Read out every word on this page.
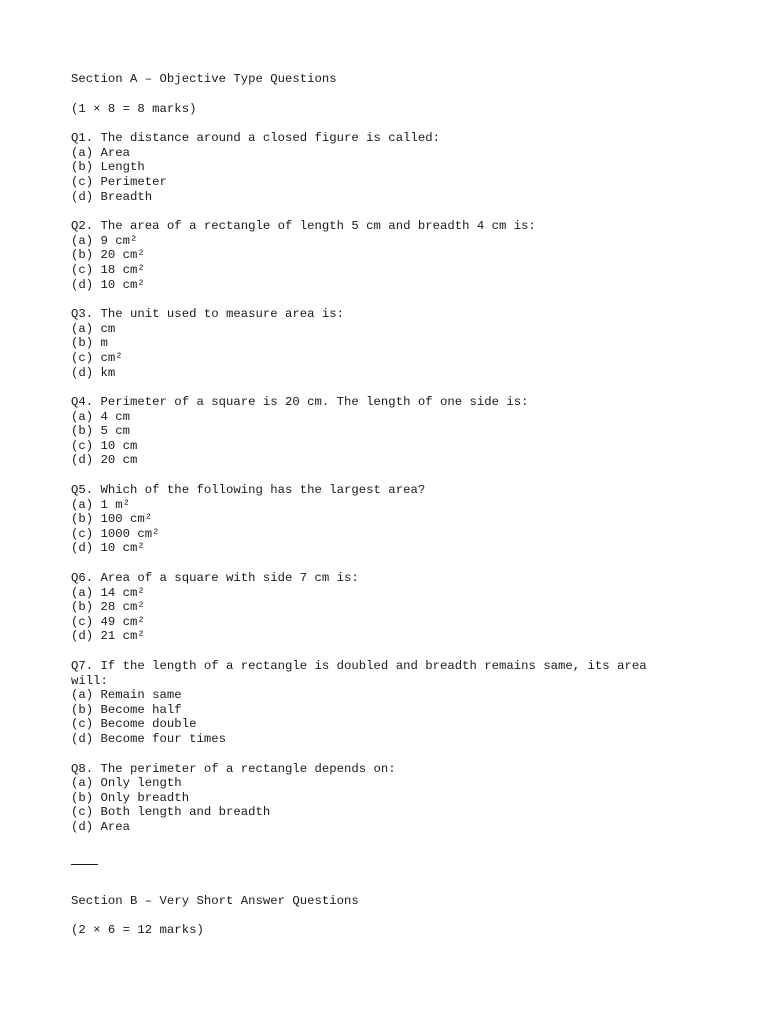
Section A – Objective Type Questions
(1 × 8 = 8 marks)
Q1. The distance around a closed figure is called:
(a) Area
(b) Length
(c) Perimeter
(d) Breadth
Q2. The area of a rectangle of length 5 cm and breadth 4 cm is:
(a) 9 cm²
(b) 20 cm²
(c) 18 cm²
(d) 10 cm²
Q3. The unit used to measure area is:
(a) cm
(b) m
(c) cm²
(d) km
Q4. Perimeter of a square is 20 cm. The length of one side is:
(a) 4 cm
(b) 5 cm
(c) 10 cm
(d) 20 cm
Q5. Which of the following has the largest area?
(a) 1 m²
(b) 100 cm²
(c) 1000 cm²
(d) 10 cm²
Q6. Area of a square with side 7 cm is:
(a) 14 cm²
(b) 28 cm²
(c) 49 cm²
(d) 21 cm²
Q7. If the length of a rectangle is doubled and breadth remains same, its area will:
(a) Remain same
(b) Become half
(c) Become double
(d) Become four times
Q8. The perimeter of a rectangle depends on:
(a) Only length
(b) Only breadth
(c) Both length and breadth
(d) Area
Section B – Very Short Answer Questions
(2 × 6 = 12 marks)
